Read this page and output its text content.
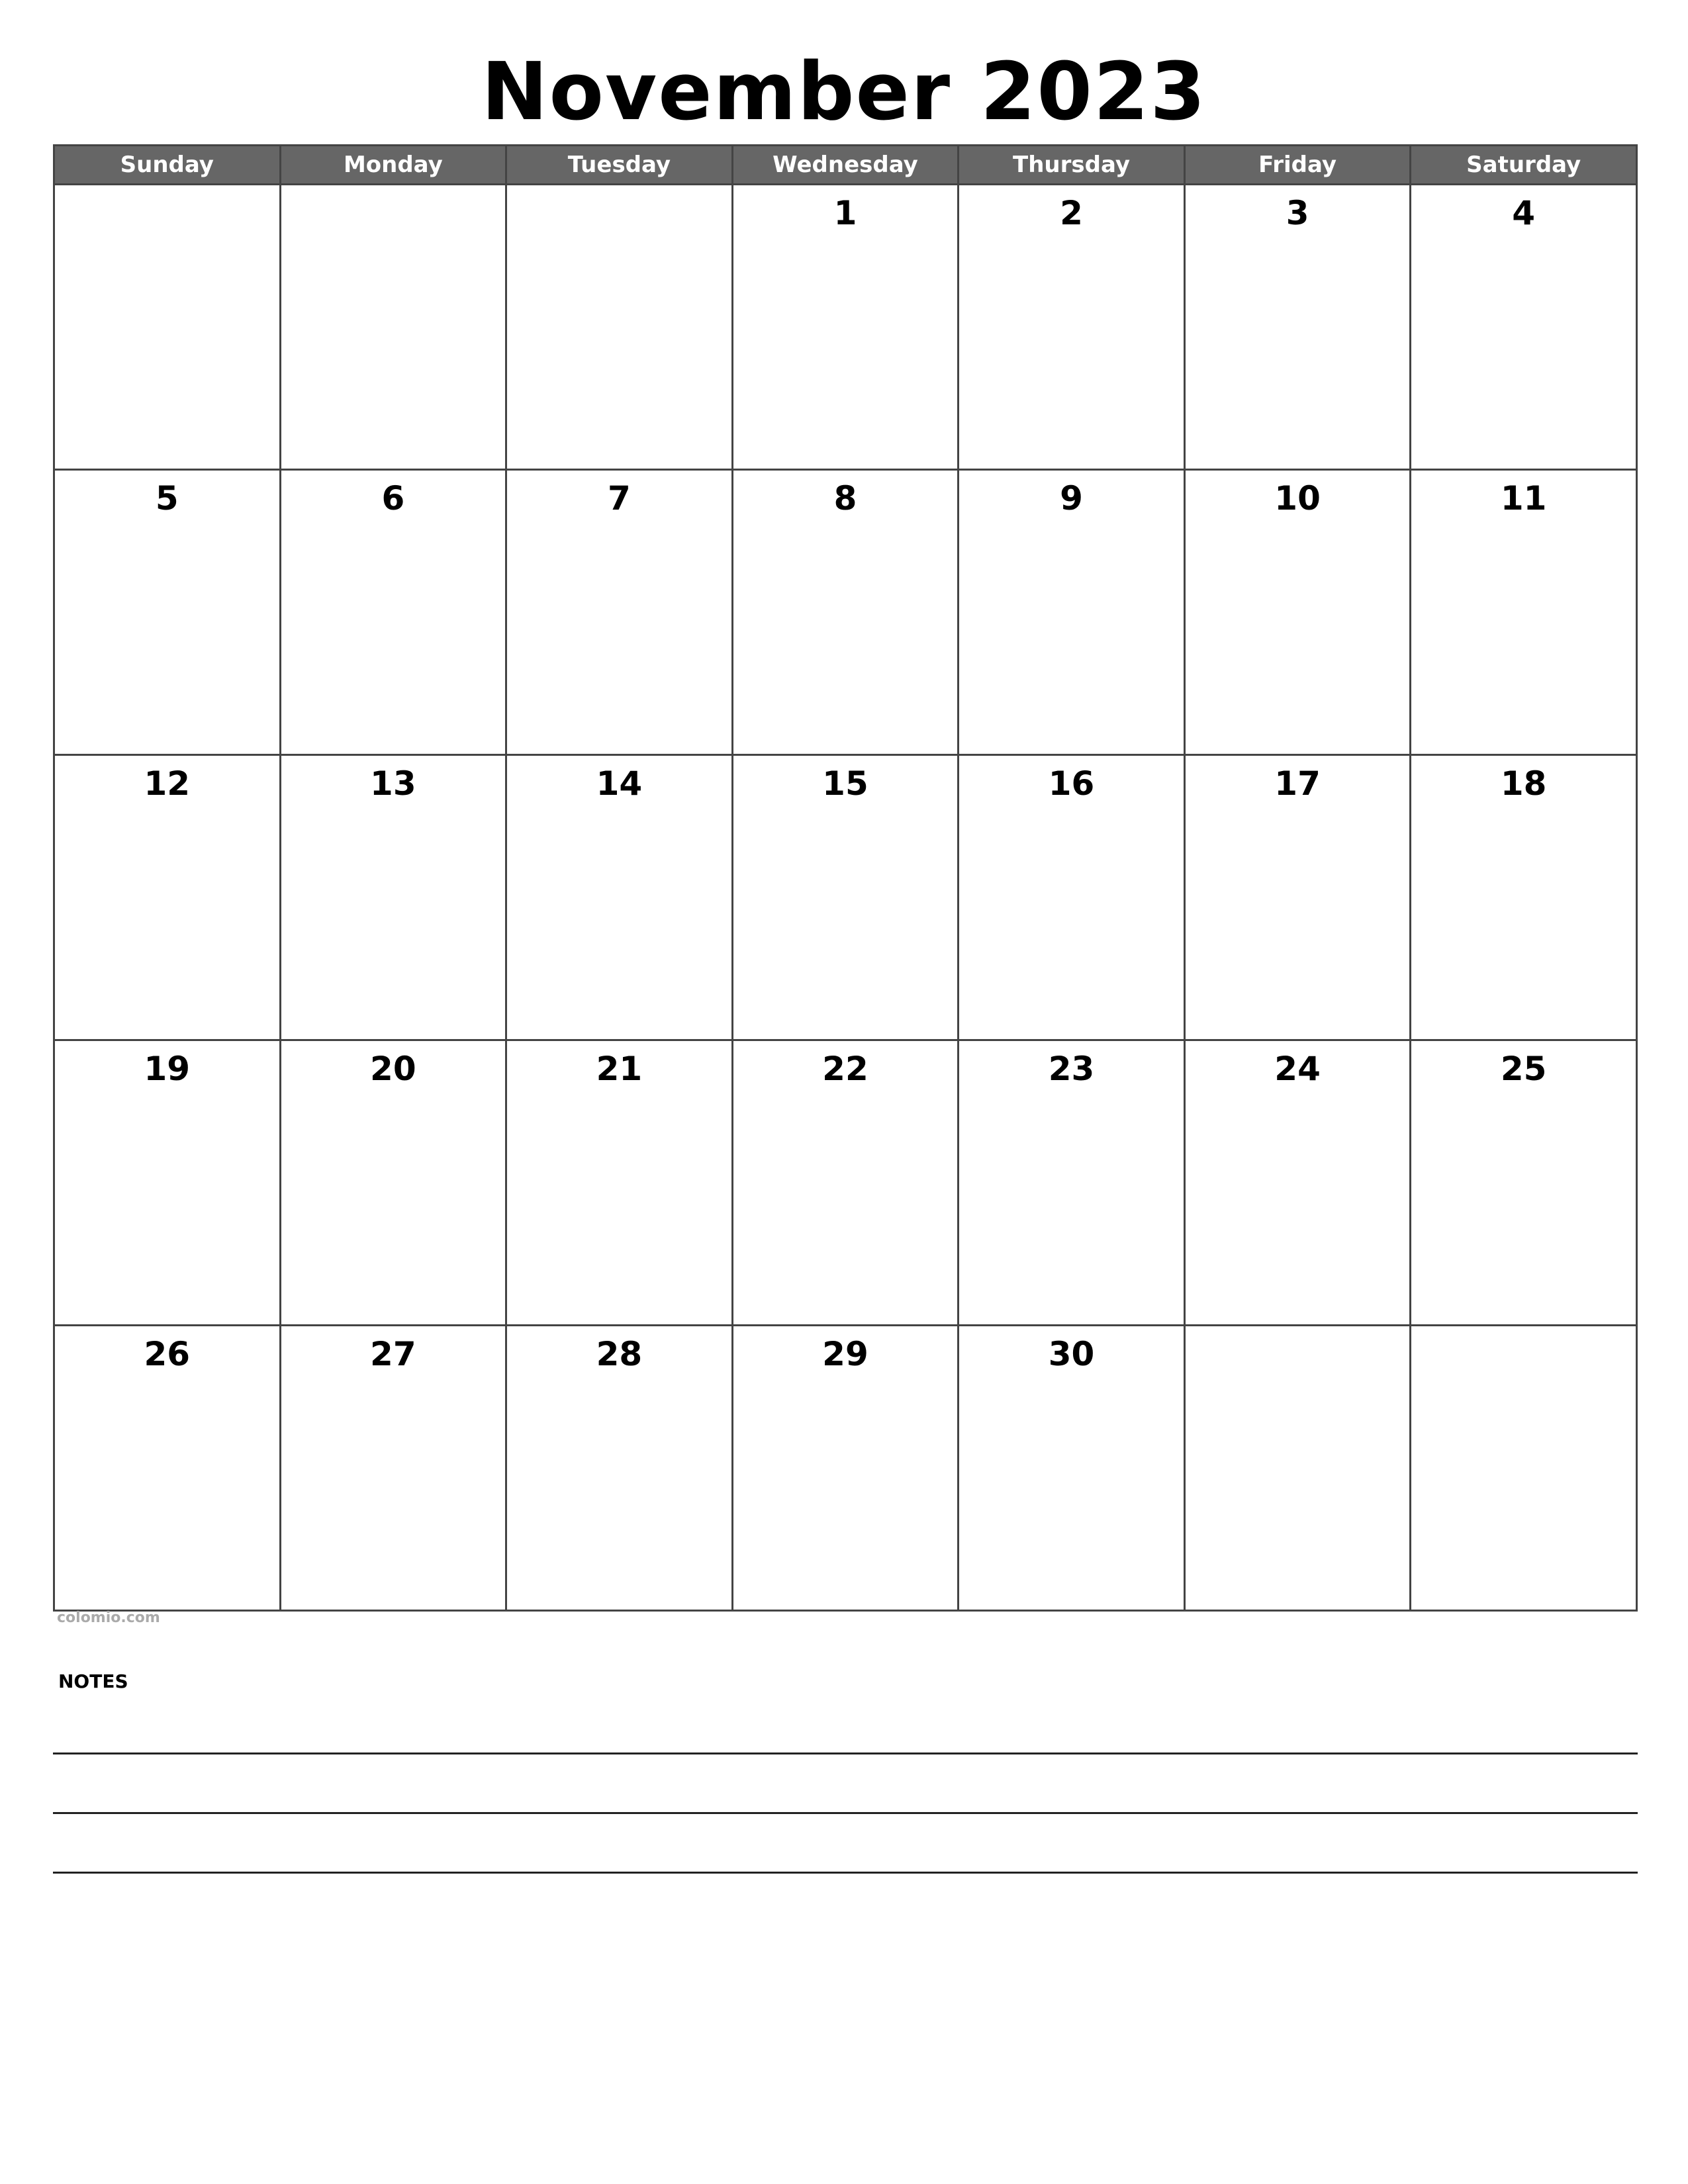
November 2023
Sunday	Monday	Tuesday	Wednesday	Thursday	Friday	Saturday

			1	2	3	4

5	6	7	8	9	10	11

12	13	14	15	16	17	18

19	20	21	22	23	24	25

26	27	28	29	30		

colomio.com
NOTES
